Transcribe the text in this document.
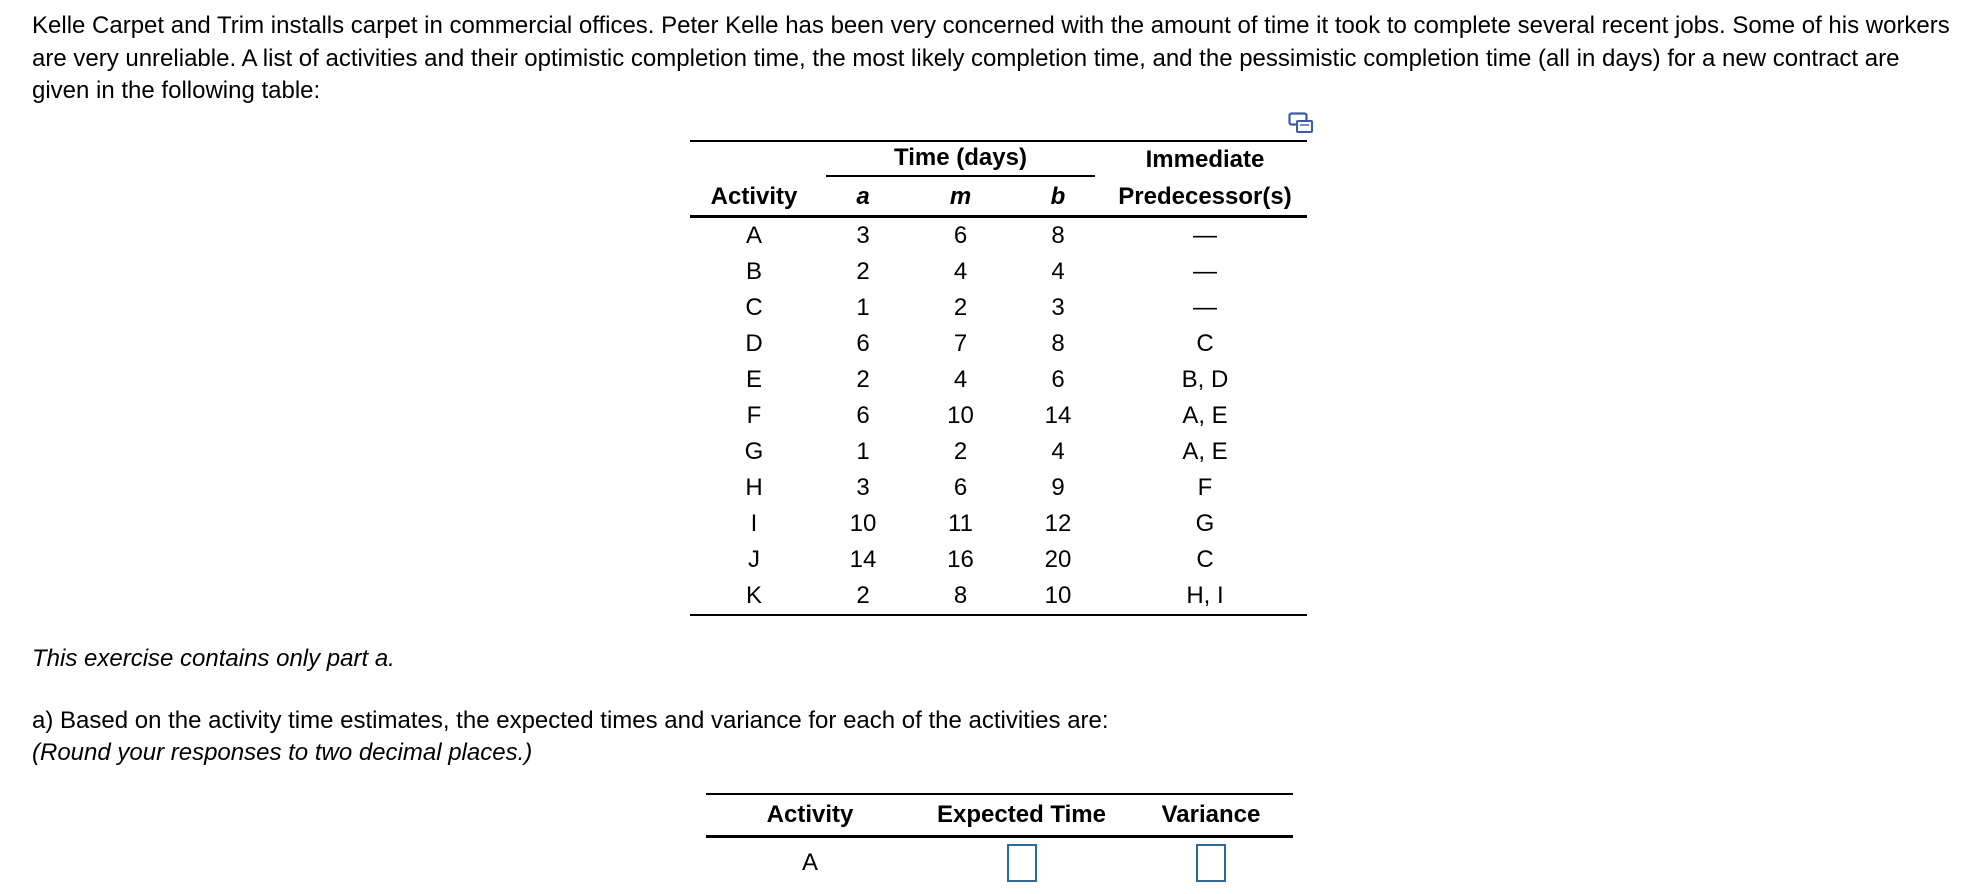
Kelle Carpet and Trim installs carpet in commercial offices. Peter Kelle has been very concerned with the amount of time it took to complete several recent jobs. Some of his workers are very unreliable. A list of activities and their optimistic completion time, the most likely completion time, and the pessimistic completion time (all in days) for a new contract are given in the following table:

	Time (days)			Immediate
Activity	a	m	b	Predecessor(s)
A	3	6	8	—
B	2	4	4	—
C	1	2	3	—
D	6	7	8	C
E	2	4	6	B, D
F	6	10	14	A, E
G	1	2	4	A, E
H	3	6	9	F
I	10	11	12	G
J	14	16	20	C
K	2	8	10	H, I

This exercise contains only part a.

a) Based on the activity time estimates, the expected times and variance for each of the activities are:
(Round your responses to two decimal places.)

Activity	Expected Time	Variance
A		
